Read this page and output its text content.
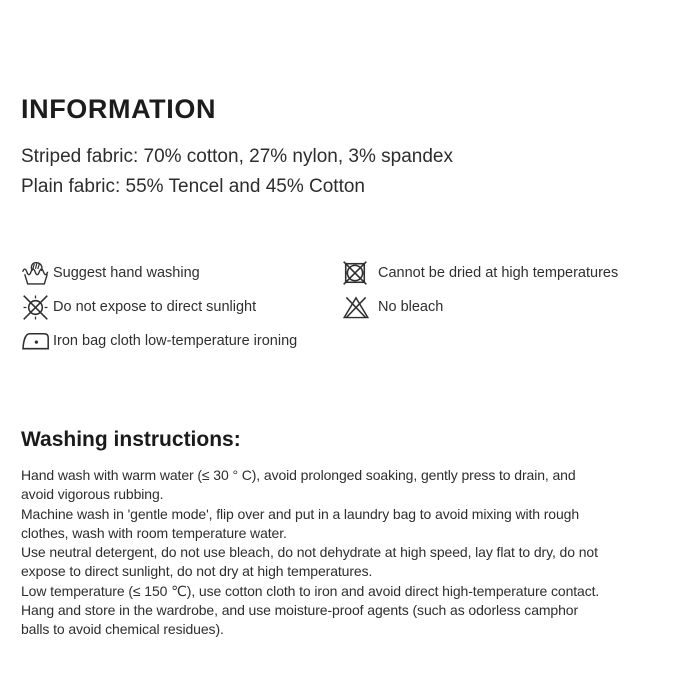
INFORMATION
Striped fabric: 70% cotton, 27% nylon, 3% spandex
Plain fabric: 55% Tencel and 45% Cotton
Suggest hand washing
Do not expose to direct sunlight
Iron bag cloth low-temperature ironing
Cannot be dried at high temperatures
No bleach
Washing instructions:
Hand wash with warm water (≤ 30 ° C), avoid prolonged soaking, gently press to drain, and
avoid vigorous rubbing.
Machine wash in 'gentle mode', flip over and put in a laundry bag to avoid mixing with rough
clothes, wash with room temperature water.
Use neutral detergent, do not use bleach, do not dehydrate at high speed, lay flat to dry, do not
expose to direct sunlight, do not dry at high temperatures.
Low temperature (≤ 150 ℃), use cotton cloth to iron and avoid direct high-temperature contact.
Hang and store in the wardrobe, and use moisture-proof agents (such as odorless camphor
balls to avoid chemical residues).
